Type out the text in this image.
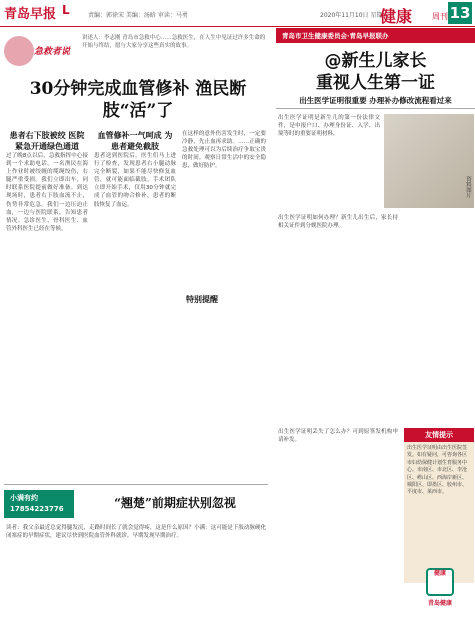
青岛早报 L	责编：郭徐宋 美编：汤晗 审读：马勇	2020年11月10日 星期二
健康 周刊 13
急救者说
讲述人：李志刚 青岛市急救中心……急救医生，在人生中见证过许多生命的开始与终结，愿与大家分享这些真实的故事。
30分钟完成血管修补 渔民断肢“活”了
患者右下肢被绞 医院紧急开通绿色通道
过了晚8点以后，急救指挥中心接到一个求助电话，一名渔民在海上作业时被绞缠的缆绳绞伤，右腿严重受损。我们立即出车，同时联系医院提前做好准备。到达现场时，患者右下肢血流不止，伤势非常危急。我们一边压迫止血，一边与医院联系，告知患者情况。急诊医生、骨科医生、血管外科医生已经在等候。
血管修补一气呵成 为患者避免截肢
患者送到医院后，医生们马上进行了检查，发现患者右小腿动脉完全断裂，如果不能尽快修复血管，就可能面临截肢。手术团队立即开始手术，仅用30分钟就完成了血管的吻合修补，患者的断肢恢复了血运。
在这样的意外伤害发生时，一定要冷静，先止血再求助。……正确的急救处理可以为后续治疗争取宝贵的时间。观察日常生活中的安全隐患，做好防护。
特别提醒
小满有约
17854223776	“翘楚”前期症状别忽视
读者：我父亲最近总觉得腿发沉，走路时间长了就会觉得疼，这是什么原因？小满：这可能是下肢动脉硬化闭塞症的早期症状，建议尽快到医院血管外科就诊，早期发现早期治疗。
青岛市卫生健康委员会·青岛早报联办
@新生儿家长
重视人生第一证
出生医学证明很重要 办理补办修改流程看过来
资料图片
出生医学证明是新生儿的第一份法律文件，是申报户口、办理身份证、入学、出境等时的重要证明材料。
出生医学证明如何办理？新生儿出生后，家长持相关证件到分娩医院办理。
出生医学证明丢失了怎么办？可到原签发机构申请补发。
友情提示
出生医学证明由出生医院签发。如有疑问，可咨询各区市妇幼保健计划生育服务中心。市南区、市北区、李沧区、崂山区、西海岸新区、城阳区、即墨区、胶州市、平度市、莱西市。
健康
青岛健康
